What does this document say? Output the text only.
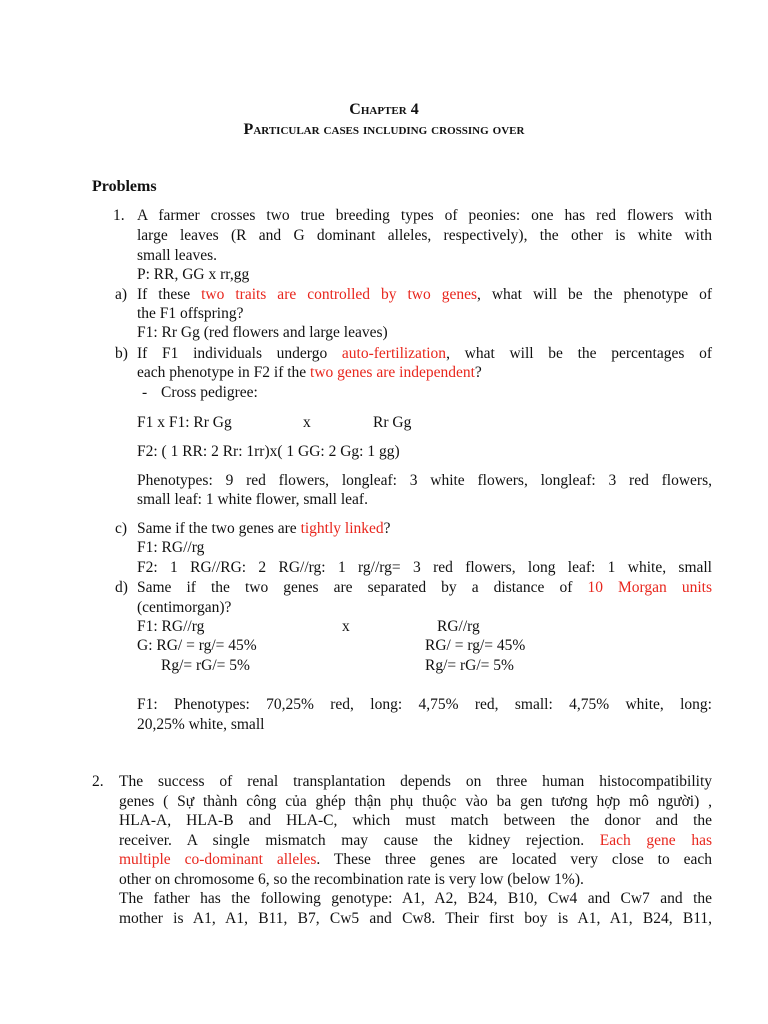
Chapter 4
Particular cases including crossing over
Problems
1. A farmer crosses two true breeding types of peonies: one has red flowers with
large leaves (R and G dominant alleles, respectively), the other is white with
small leaves.
P: RR, GG x rr,gg
a) If these two traits are controlled by two genes, what will be the phenotype of
the F1 offspring?
F1: Rr Gg (red flowers and large leaves)
b) If F1 individuals undergo auto-fertilization, what will be the percentages of
each phenotype in F2 if the two genes are independent?
- Cross pedigree:
F1 x F1: Rr Gg	x	Rr Gg
F2: ( 1 RR: 2 Rr: 1rr)x( 1 GG: 2 Gg: 1 gg)
Phenotypes: 9 red flowers, longleaf: 3 white flowers, longleaf: 3 red flowers,
small leaf: 1 white flower, small leaf.
c) Same if the two genes are tightly linked?
F1: RG//rg
F2: 1 RG//RG: 2 RG//rg: 1 rg//rg= 3 red flowers, long leaf: 1 white, small
d) Same if the two genes are separated by a distance of 10 Morgan units
(centimorgan)?
F1: RG//rg	x	RG//rg
G: RG/ = rg/= 45%	RG/ = rg/= 45%
Rg/= rG/= 5%	Rg/= rG/= 5%
F1: Phenotypes: 70,25% red, long: 4,75% red, small: 4,75% white, long:
20,25% white, small
2. The success of renal transplantation depends on three human histocompatibility
genes ( Sự thành công của ghép thận phụ thuộc vào ba gen tương hợp mô người) ,
HLA-A, HLA-B and HLA-C, which must match between the donor and the
receiver. A single mismatch may cause the kidney rejection. Each gene has
multiple co-dominant alleles. These three genes are located very close to each
other on chromosome 6, so the recombination rate is very low (below 1%).
The father has the following genotype: A1, A2, B24, B10, Cw4 and Cw7 and the
mother is A1, A1, B11, B7, Cw5 and Cw8. Their first boy is A1, A1, B24, B11,
